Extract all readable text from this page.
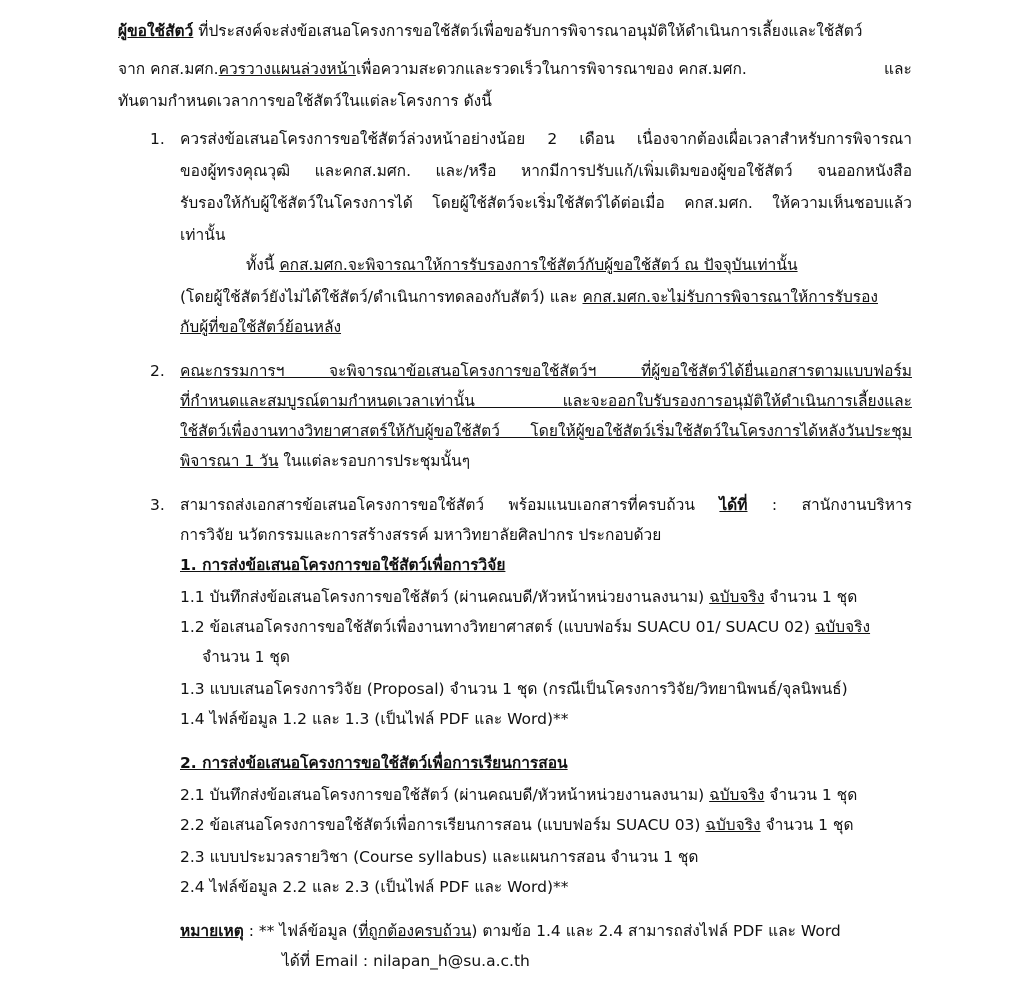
ผู้ขอใช้สัตว์ ที่ประสงค์จะส่งข้อเสนอโครงการขอใช้สัตว์เพื่อขอรับการพิจารณาอนุมัติให้ดำเนินการเลี้ยงและใช้สัตว์
จาก คกส.มศก.ควรวางแผนล่วงหน้าเพื่อความสะดวกและรวดเร็วในการพิจารณาของ คกส.มศก.	และ
ทันตามกำหนดเวลาการขอใช้สัตว์ในแต่ละโครงการ ดังนี้
1. ควรส่งข้อเสนอโครงการขอใช้สัตว์ล่วงหน้าอย่างน้อย 2 เดือน เนื่องจากต้องเผื่อเวลาสำหรับการพิจารณา
ของผู้ทรงคุณวุฒิ และคกส.มศก. และ/หรือ หากมีการปรับแก้/เพิ่มเติมของผู้ขอใช้สัตว์ จนออกหนังสือ
รับรองให้กับผู้ใช้สัตว์ในโครงการได้ โดยผู้ใช้สัตว์จะเริ่มใช้สัตว์ได้ต่อเมื่อ คกส.มศก. ให้ความเห็นชอบแล้ว
เท่านั้น
ทั้งนี้ คกส.มศก.จะพิจารณาให้การรับรองการใช้สัตว์กับผู้ขอใช้สัตว์ ณ ปัจจุบันเท่านั้น
(โดยผู้ใช้สัตว์ยังไม่ได้ใช้สัตว์/ดำเนินการทดลองกับสัตว์) และ คกส.มศก.จะไม่รับการพิจารณาให้การรับรอง
กับผู้ที่ขอใช้สัตว์ย้อนหลัง
2. คณะกรรมการฯ จะพิจารณาข้อเสนอโครงการขอใช้สัตว์ฯ ที่ผู้ขอใช้สัตว์ได้ยื่นเอกสารตามแบบฟอร์ม
ที่กำหนดและสมบูรณ์ตามกำหนดเวลาเท่านั้น และจะออกใบรับรองการอนุมัติให้ดำเนินการเลี้ยงและ
ใช้สัตว์เพื่องานทางวิทยาศาสตร์ให้กับผู้ขอใช้สัตว์ โดยให้ผู้ขอใช้สัตว์เริ่มใช้สัตว์ในโครงการได้หลังวันประชุม
พิจารณา 1 วัน ในแต่ละรอบการประชุมนั้นๆ
3. สามารถส่งเอกสารข้อเสนอโครงการขอใช้สัตว์ พร้อมแนบเอกสารที่ครบถ้วน ได้ที่ : สานักงานบริหาร
การวิจัย นวัตกรรมและการสร้างสรรค์ มหาวิทยาลัยศิลปากร ประกอบด้วย
1. การส่งข้อเสนอโครงการขอใช้สัตว์เพื่อการวิจัย
1.1 บันทึกส่งข้อเสนอโครงการขอใช้สัตว์ (ผ่านคณบดี/หัวหน้าหน่วยงานลงนาม) ฉบับจริง จำนวน 1 ชุด
1.2 ข้อเสนอโครงการขอใช้สัตว์เพื่องานทางวิทยาศาสตร์ (แบบฟอร์ม SUACU 01/ SUACU 02) ฉบับจริง
จำนวน 1 ชุด
1.3 แบบเสนอโครงการวิจัย (Proposal) จำนวน 1 ชุด (กรณีเป็นโครงการวิจัย/วิทยานิพนธ์/จุลนิพนธ์)
1.4 ไฟล์ข้อมูล 1.2 และ 1.3 (เป็นไฟล์ PDF และ Word)**
2. การส่งข้อเสนอโครงการขอใช้สัตว์เพื่อการเรียนการสอน
2.1 บันทึกส่งข้อเสนอโครงการขอใช้สัตว์ (ผ่านคณบดี/หัวหน้าหน่วยงานลงนาม) ฉบับจริง จำนวน 1 ชุด
2.2 ข้อเสนอโครงการขอใช้สัตว์เพื่อการเรียนการสอน (แบบฟอร์ม SUACU 03) ฉบับจริง จำนวน 1 ชุด
2.3 แบบประมวลรายวิชา (Course syllabus) และแผนการสอน จำนวน 1 ชุด
2.4 ไฟล์ข้อมูล 2.2 และ 2.3 (เป็นไฟล์ PDF และ Word)**
หมายเหตุ : ** ไฟล์ข้อมูล (ที่ถูกต้องครบถ้วน) ตามข้อ 1.4 และ 2.4 สามารถส่งไฟล์ PDF และ Word
ได้ที่ Email : nilapan_h@su.a.c.th
